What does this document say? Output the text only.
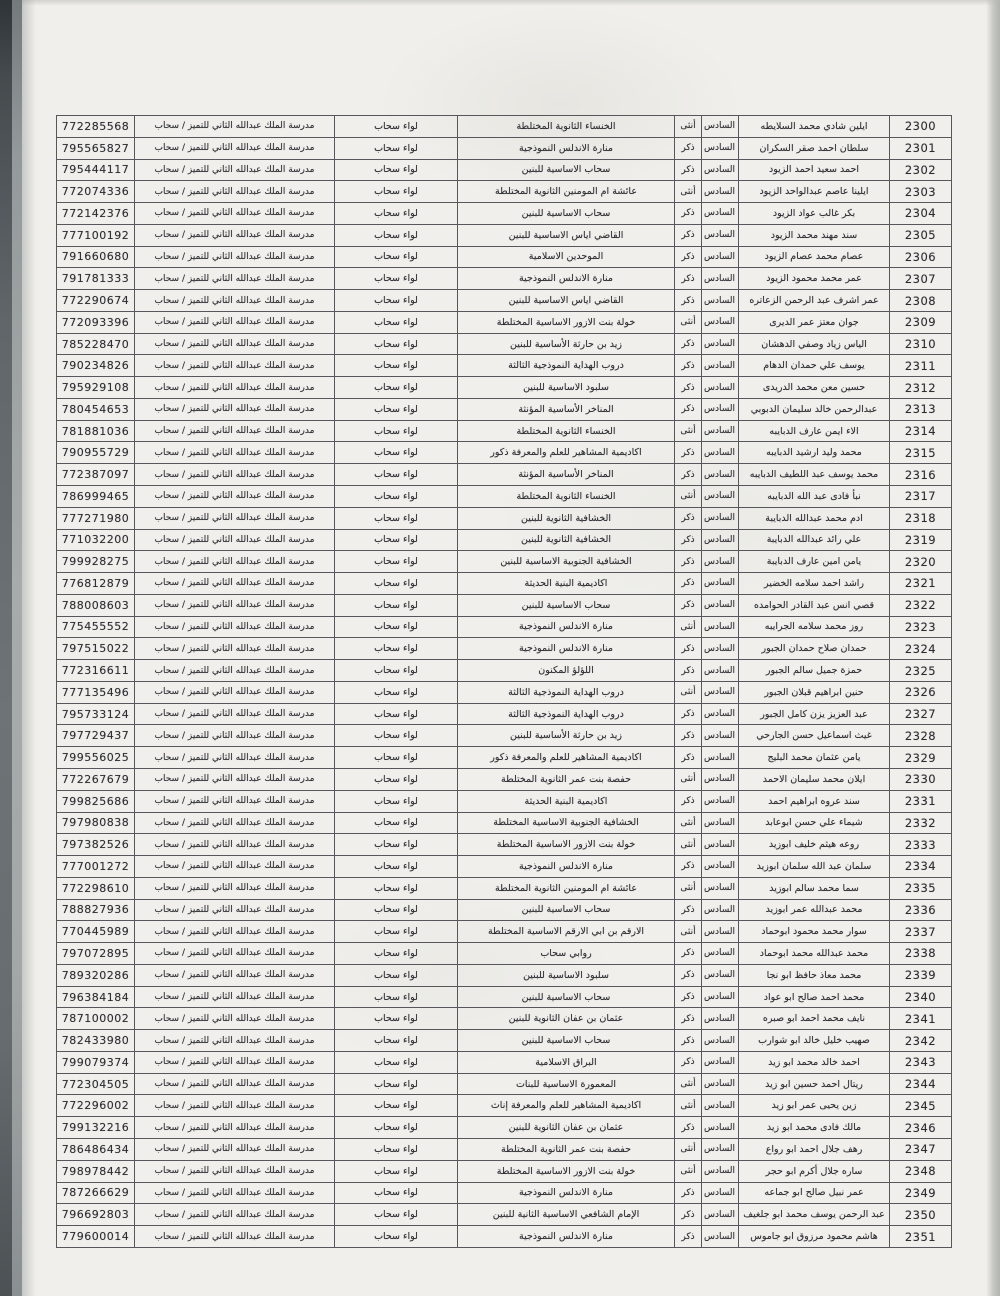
2300	ايلين شادي محمد السلايطه	السادس	أنثى	الخنساء الثانوية المختلطة	لواء سحاب	مدرسة الملك عبدالله الثاني للتميز / سحاب	772285568
2301	سلطان احمد صقر السكران	السادس	ذكر	منارة الاندلس النموذجية	لواء سحاب	مدرسة الملك عبدالله الثاني للتميز / سحاب	795565827
2302	احمد سعيد احمد الزيود	السادس	ذكر	سحاب الاساسية للبنين	لواء سحاب	مدرسة الملك عبدالله الثاني للتميز / سحاب	795444117
2303	ايلينا عاصم عبدالواحد الزيود	السادس	أنثى	عائشة ام المومنين الثانوية المختلطة	لواء سحاب	مدرسة الملك عبدالله الثاني للتميز / سحاب	772074336
2304	بكر غالب عواد الزيود	السادس	ذكر	سحاب الاساسية للبنين	لواء سحاب	مدرسة الملك عبدالله الثاني للتميز / سحاب	772142376
2305	سند مهند محمد الزيود	السادس	ذكر	القاضي اياس الاساسية للبنين	لواء سحاب	مدرسة الملك عبدالله الثاني للتميز / سحاب	777100192
2306	عصام محمد عصام الزيود	السادس	ذكر	الموحدين الاسلامية	لواء سحاب	مدرسة الملك عبدالله الثاني للتميز / سحاب	791660680
2307	عمر محمد محمود الزيود	السادس	ذكر	منارة الاندلس النموذجية	لواء سحاب	مدرسة الملك عبدالله الثاني للتميز / سحاب	791781333
2308	عمر اشرف عبد الرحمن الزعاتره	السادس	ذكر	القاضي اياس الاساسية للبنين	لواء سحاب	مدرسة الملك عبدالله الثاني للتميز / سحاب	772290674
2309	جوان معتز عمر الديرى	السادس	أنثى	خولة بنت الازور الاساسية المختلطة	لواء سحاب	مدرسة الملك عبدالله الثاني للتميز / سحاب	772093396
2310	الياس زياد وصفي الدهشان	السادس	ذكر	زيد بن حارثة الأساسية للبنين	لواء سحاب	مدرسة الملك عبدالله الثاني للتميز / سحاب	785228470
2311	يوسف علي حمدان الدهام	السادس	ذكر	دروب الهداية النموذجية الثالثة	لواء سحاب	مدرسة الملك عبدالله الثاني للتميز / سحاب	790234826
2312	حسين معن محمد الدريدى	السادس	ذكر	سلبود الاساسية للبنين	لواء سحاب	مدرسة الملك عبدالله الثاني للتميز / سحاب	795929108
2313	عبدالرحمن خالد سليمان الدبوبي	السادس	ذكر	المناخر الأساسية المؤنثة	لواء سحاب	مدرسة الملك عبدالله الثاني للتميز / سحاب	780454653
2314	الاء ايمن عارف الدبايبه	السادس	أنثى	الخنساء الثانوية المختلطة	لواء سحاب	مدرسة الملك عبدالله الثاني للتميز / سحاب	781881036
2315	محمد وليد ارشيد الدبايبه	السادس	ذكر	اكاديمية المشاهير للعلم والمعرفة ذكور	لواء سحاب	مدرسة الملك عبدالله الثاني للتميز / سحاب	790955729
2316	محمد يوسف عبد اللطيف الدبايبه	السادس	ذكر	المناخر الأساسية المؤنثة	لواء سحاب	مدرسة الملك عبدالله الثاني للتميز / سحاب	772387097
2317	نبأ فادى عبد الله الدبايبه	السادس	أنثى	الخنساء الثانوية المختلطة	لواء سحاب	مدرسة الملك عبدالله الثاني للتميز / سحاب	786999465
2318	ادم محمد عبدالله الدبايبة	السادس	ذكر	الخشافية الثانوية للبنين	لواء سحاب	مدرسة الملك عبدالله الثاني للتميز / سحاب	777271980
2319	علي رائد عبدالله الدبايبة	السادس	ذكر	الخشافية الثانوية للبنين	لواء سحاب	مدرسة الملك عبدالله الثاني للتميز / سحاب	771032200
2320	يامن امين عارف الدبايبة	السادس	ذكر	الخشافية الجنوبية الاساسية للبنين	لواء سحاب	مدرسة الملك عبدالله الثاني للتميز / سحاب	799928275
2321	راشد احمد سلامه الخضير	السادس	ذكر	اكاديمية البنية الحديثة	لواء سحاب	مدرسة الملك عبدالله الثاني للتميز / سحاب	776812879
2322	قصي انس عبد القادر الحوامده	السادس	ذكر	سحاب الاساسية للبنين	لواء سحاب	مدرسة الملك عبدالله الثاني للتميز / سحاب	788008603
2323	روز محمد سلامه الجرايبه	السادس	أنثى	منارة الاندلس النموذجية	لواء سحاب	مدرسة الملك عبدالله الثاني للتميز / سحاب	775455552
2324	حمدان صلاح حمدان الجبور	السادس	ذكر	منارة الاندلس النموذجية	لواء سحاب	مدرسة الملك عبدالله الثاني للتميز / سحاب	797515022
2325	حمزة جميل سالم الجبور	السادس	ذكر	اللؤلؤ المكنون	لواء سحاب	مدرسة الملك عبدالله الثاني للتميز / سحاب	772316611
2326	حنين ابراهيم قبلان الجبور	السادس	أنثى	دروب الهداية النموذجية الثالثة	لواء سحاب	مدرسة الملك عبدالله الثاني للتميز / سحاب	777135496
2327	عبد العزيز يزن كامل الجبور	السادس	ذكر	دروب الهداية النموذجية الثالثة	لواء سحاب	مدرسة الملك عبدالله الثاني للتميز / سحاب	795733124
2328	غيث اسماعيل حسن الجارحي	السادس	ذكر	زيد بن حارثة الأساسية للبنين	لواء سحاب	مدرسة الملك عبدالله الثاني للتميز / سحاب	797729437
2329	يامن عثمان محمد البليج	السادس	ذكر	اكاديمية المشاهير للعلم والمعرفة ذكور	لواء سحاب	مدرسة الملك عبدالله الثاني للتميز / سحاب	799556025
2330	ايلان محمد سليمان الاحمد	السادس	أنثى	حفصة بنت عمر الثانوية المختلطة	لواء سحاب	مدرسة الملك عبدالله الثاني للتميز / سحاب	772267679
2331	سند عروه ابراهيم احمد	السادس	ذكر	اكاديمية البنية الحديثة	لواء سحاب	مدرسة الملك عبدالله الثاني للتميز / سحاب	799825686
2332	شيماء علي حسن ابوعابد	السادس	أنثى	الخشافية الجنوبية الاساسية المختلطة	لواء سحاب	مدرسة الملك عبدالله الثاني للتميز / سحاب	797980838
2333	روعه هيثم خليف ابوزيد	السادس	أنثى	خولة بنت الازور الاساسية المختلطة	لواء سحاب	مدرسة الملك عبدالله الثاني للتميز / سحاب	797382526
2334	سلمان عبد الله سلمان ابوزيد	السادس	ذكر	منارة الاندلس النموذجية	لواء سحاب	مدرسة الملك عبدالله الثاني للتميز / سحاب	777001272
2335	سما محمد سالم ابوزيد	السادس	أنثى	عائشة ام المومنين الثانوية المختلطة	لواء سحاب	مدرسة الملك عبدالله الثاني للتميز / سحاب	772298610
2336	محمد عبدالله عمر ابوزيد	السادس	ذكر	سحاب الاساسية للبنين	لواء سحاب	مدرسة الملك عبدالله الثاني للتميز / سحاب	788827936
2337	سوار محمد محمود ابوحماد	السادس	أنثى	الارقم بن ابي الارقم الاساسية المختلطة	لواء سحاب	مدرسة الملك عبدالله الثاني للتميز / سحاب	770445989
2338	محمد عبدالله محمد ابوحماد	السادس	ذكر	روابي سحاب	لواء سحاب	مدرسة الملك عبدالله الثاني للتميز / سحاب	797072895
2339	محمد معاذ حافظ ابو نجا	السادس	ذكر	سلبود الاساسية للبنين	لواء سحاب	مدرسة الملك عبدالله الثاني للتميز / سحاب	789320286
2340	محمد احمد صالح ابو عواد	السادس	ذكر	سحاب الاساسية للبنين	لواء سحاب	مدرسة الملك عبدالله الثاني للتميز / سحاب	796384184
2341	نايف محمد احمد ابو صبره	السادس	ذكر	عثمان بن عفان الثانوية للبنين	لواء سحاب	مدرسة الملك عبدالله الثاني للتميز / سحاب	787100002
2342	صهيب خليل خالد ابو شوارب	السادس	ذكر	سحاب الاساسية للبنين	لواء سحاب	مدرسة الملك عبدالله الثاني للتميز / سحاب	782433980
2343	احمد خالد محمد ابو زيد	السادس	ذكر	البراق الاسلامية	لواء سحاب	مدرسة الملك عبدالله الثاني للتميز / سحاب	799079374
2344	ريتال احمد حسين ابو زيد	السادس	أنثى	المعمورة الاساسية للبنات	لواء سحاب	مدرسة الملك عبدالله الثاني للتميز / سحاب	772304505
2345	زين يحيى عمر ابو زيد	السادس	أنثى	اكاديمية المشاهير للعلم والمعرفة إناث	لواء سحاب	مدرسة الملك عبدالله الثاني للتميز / سحاب	772296002
2346	مالك فادى محمد ابو زيد	السادس	ذكر	عثمان بن عفان الثانوية للبنين	لواء سحاب	مدرسة الملك عبدالله الثاني للتميز / سحاب	799132216
2347	رهف جلال احمد ابو رواع	السادس	أنثى	حفصة بنت عمر الثانوية المختلطة	لواء سحاب	مدرسة الملك عبدالله الثاني للتميز / سحاب	786486434
2348	ساره جلال أكرم ابو حجر	السادس	أنثى	خولة بنت الازور الاساسية المختلطة	لواء سحاب	مدرسة الملك عبدالله الثاني للتميز / سحاب	798978442
2349	عمر نبيل صالح ابو جماعه	السادس	ذكر	منارة الاندلس النموذجية	لواء سحاب	مدرسة الملك عبدالله الثاني للتميز / سحاب	787266629
2350	عبد الرحمن يوسف محمد ابو جلغيف	السادس	ذكر	الإمام الشافعي الاساسية الثانية للبنين	لواء سحاب	مدرسة الملك عبدالله الثاني للتميز / سحاب	796692803
2351	هاشم محمود مرزوق ابو جاموس	السادس	ذكر	منارة الاندلس النموذجية	لواء سحاب	مدرسة الملك عبدالله الثاني للتميز / سحاب	779600014
